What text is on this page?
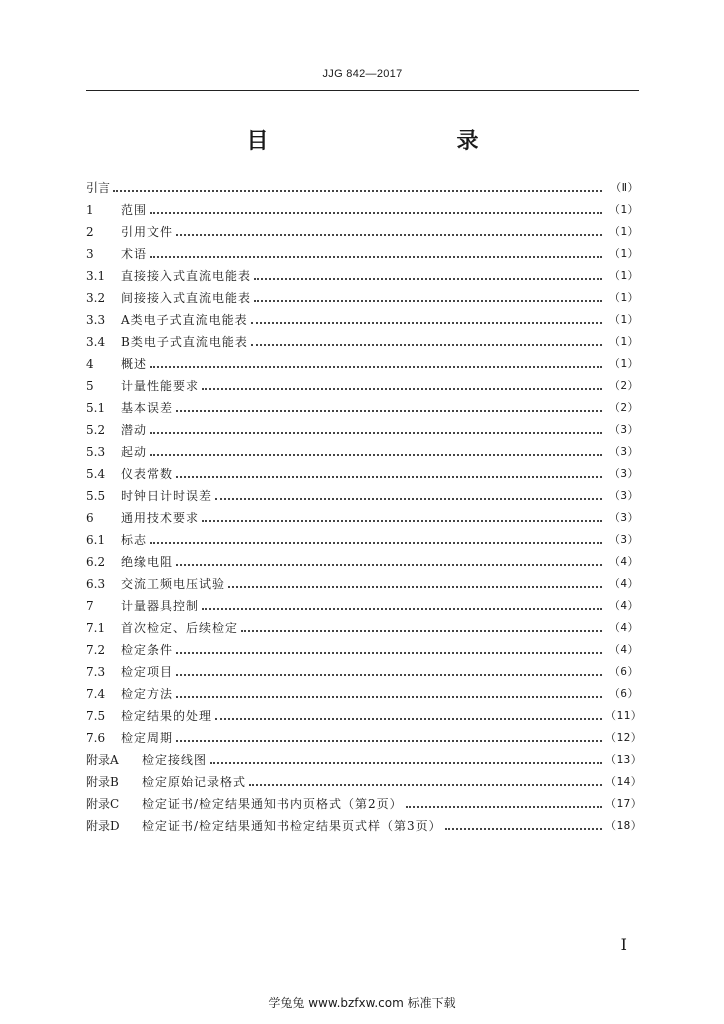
JJG 842—2017
目　　录
引言	（Ⅱ）
1	范围	（1）
2	引用文件	（1）
3	术语	（1）
3.1	直接接入式直流电能表	（1）
3.2	间接接入式直流电能表	（1）
3.3	A类电子式直流电能表	（1）
3.4	B类电子式直流电能表	（1）
4	概述	（1）
5	计量性能要求	（2）
5.1	基本误差	（2）
5.2	潜动	（3）
5.3	起动	（3）
5.4	仪表常数	（3）
5.5	时钟日计时误差	（3）
6	通用技术要求	（3）
6.1	标志	（3）
6.2	绝缘电阻	（4）
6.3	交流工频电压试验	（4）
7	计量器具控制	（4）
7.1	首次检定、后续检定	（4）
7.2	检定条件	（4）
7.3	检定项目	（6）
7.4	检定方法	（6）
7.5	检定结果的处理	（11）
7.6	检定周期	（12）
附录A	检定接线图	（13）
附录B	检定原始记录格式	（14）
附录C	检定证书/检定结果通知书内页格式（第2页）	（17）
附录D	检定证书/检定结果通知书检定结果页式样（第3页）	（18）
I
学兔兔 www.bzfxw.com 标准下载
